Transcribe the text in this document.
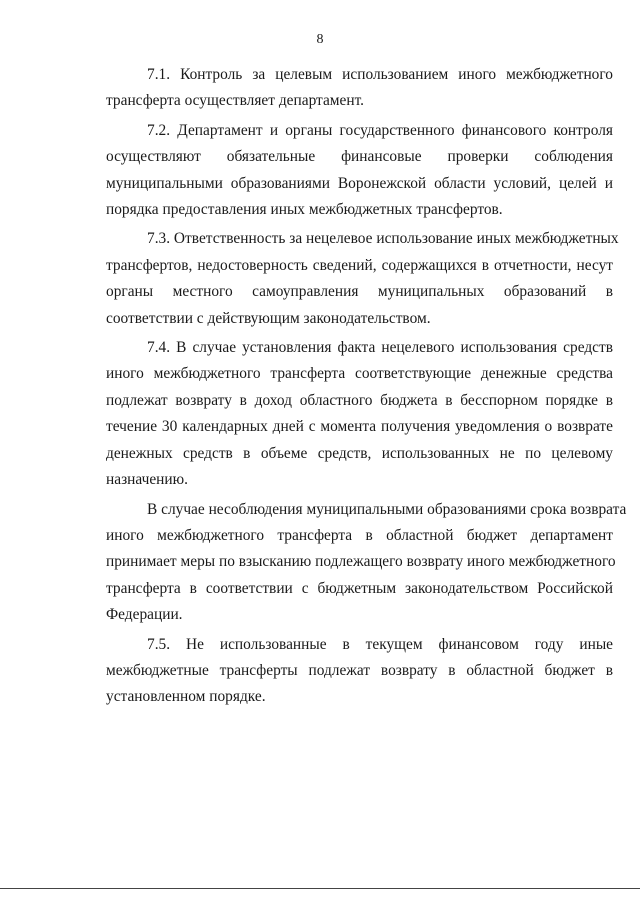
8

7.1. Контроль за целевым использованием иного межбюджетного
трансферта осуществляет департамент.

7.2. Департамент и органы государственного финансового контроля
осуществляют обязательные финансовые проверки соблюдения
муниципальными образованиями Воронежской области условий, целей и
порядка предоставления иных межбюджетных трансфертов.

7.3. Ответственность за нецелевое использование иных межбюджетных
трансфертов, недостоверность сведений, содержащихся в отчетности, несут
органы местного самоуправления муниципальных образований в
соответствии с действующим законодательством.

7.4. В случае установления факта нецелевого использования средств
иного межбюджетного трансферта соответствующие денежные средства
подлежат возврату в доход областного бюджета в бесспорном порядке в
течение 30 календарных дней с момента получения уведомления о возврате
денежных средств в объеме средств, использованных не по целевому
назначению.

В случае несоблюдения муниципальными образованиями срока возврата
иного межбюджетного трансферта в областной бюджет департамент
принимает меры по взысканию подлежащего возврату иного межбюджетного
трансферта в соответствии с бюджетным законодательством Российской
Федерации.

7.5. Не использованные в текущем финансовом году иные
межбюджетные трансферты подлежат возврату в областной бюджет в
установленном порядке.
